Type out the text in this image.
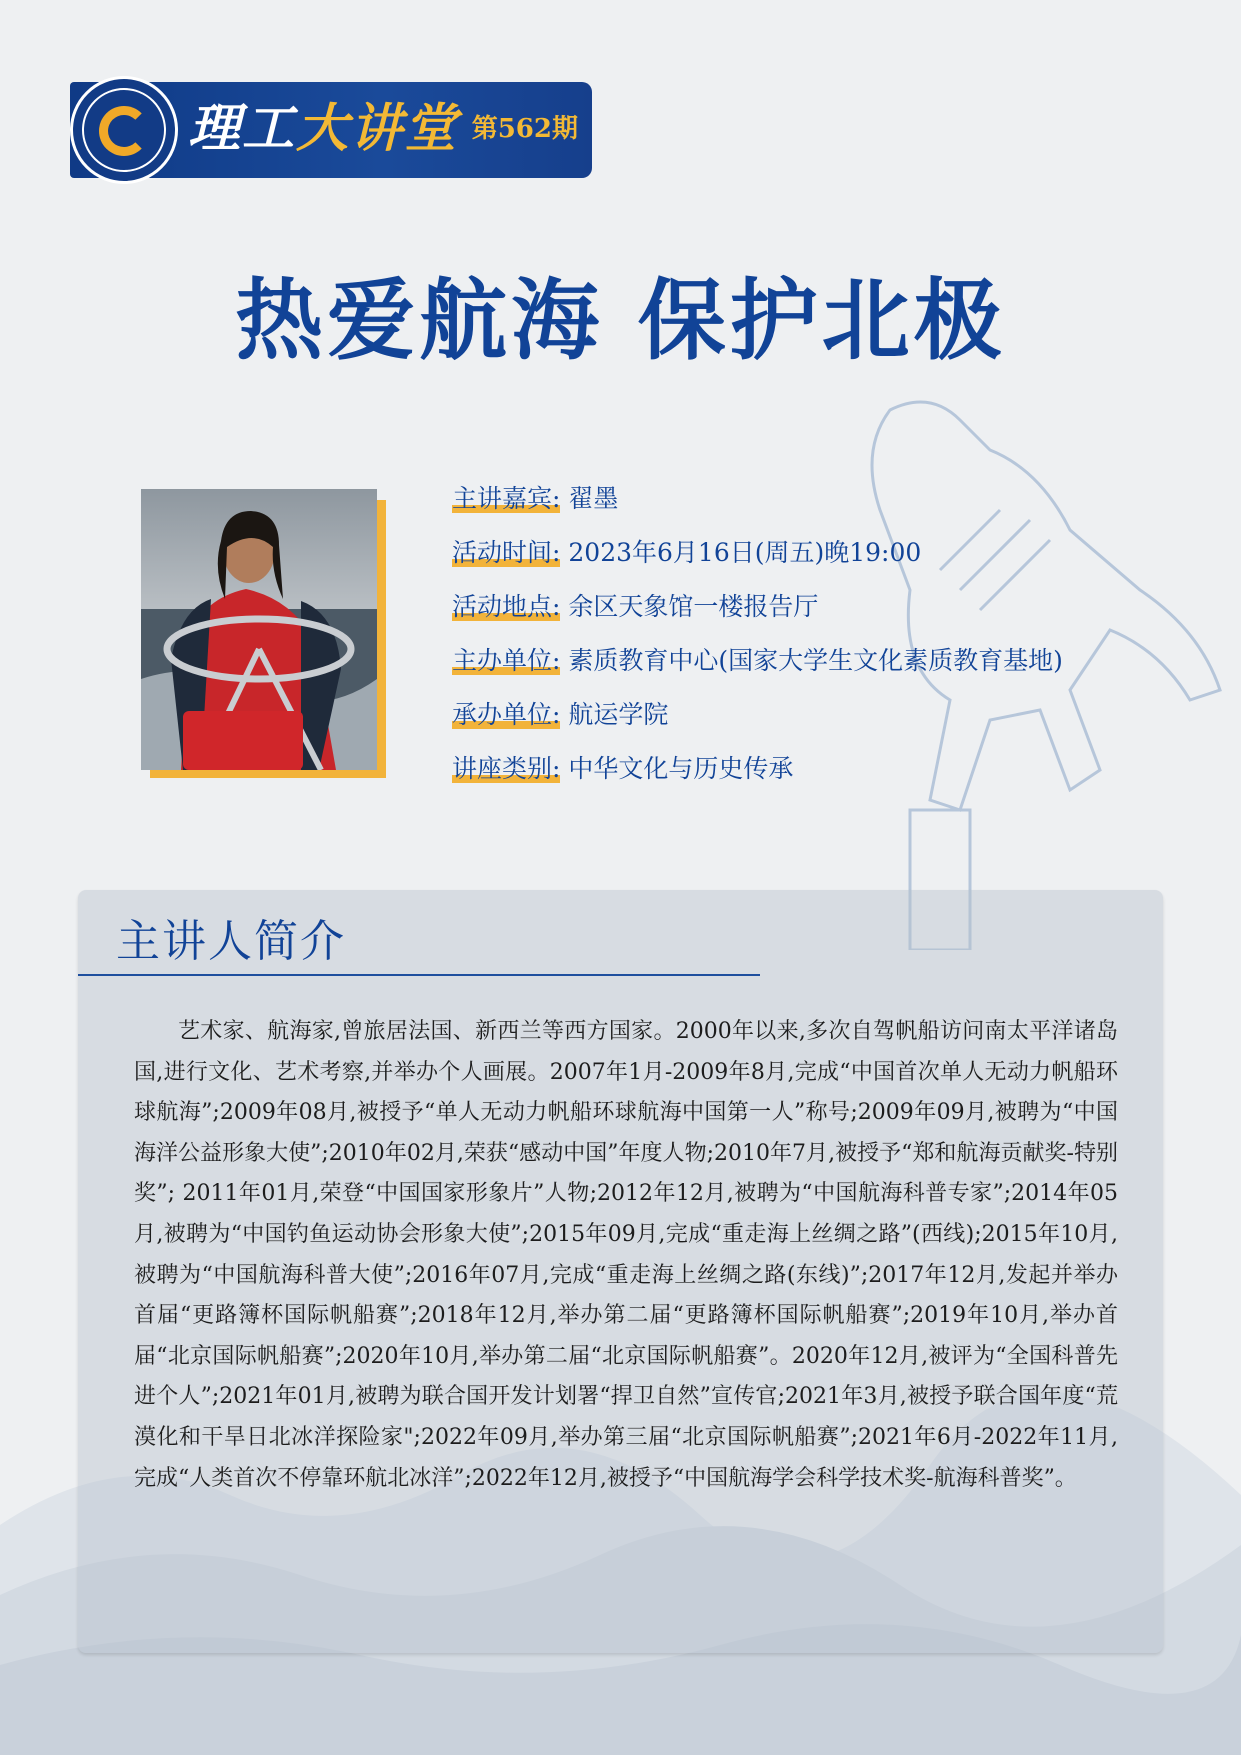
理工大讲堂 第562期
热爱航海 保护北极
主讲嘉宾: 翟墨
活动时间: 2023年6月16日(周五)晚19:00
活动地点: 余区天象馆一楼报告厅
主办单位: 素质教育中心(国家大学生文化素质教育基地)
承办单位: 航运学院
讲座类别: 中华文化与历史传承
主讲人简介

艺术家、航海家,曾旅居法国、新西兰等西方国家。2000年以来,多次自驾帆船访问南太平洋诸岛国,进行文化、艺术考察,并举办个人画展。2007年1月-2009年8月,完成“中国首次单人无动力帆船环球航海”;2009年08月,被授予“单人无动力帆船环球航海中国第一人”称号;2009年09月,被聘为“中国海洋公益形象大使”;2010年02月,荣获“感动中国”年度人物;2010年7月,被授予“郑和航海贡献奖-特别奖”; 2011年01月,荣登“中国国家形象片”人物;2012年12月,被聘为“中国航海科普专家”;2014年05月,被聘为“中国钓鱼运动协会形象大使”;2015年09月,完成“重走海上丝绸之路”(西线);2015年10月,被聘为“中国航海科普大使”;2016年07月,完成“重走海上丝绸之路(东线)”;2017年12月,发起并举办首届“更路簿杯国际帆船赛”;2018年12月,举办第二届“更路簿杯国际帆船赛”;2019年10月,举办首届“北京国际帆船赛”;2020年10月,举办第二届“北京国际帆船赛”。2020年12月,被评为“全国科普先进个人”;2021年01月,被聘为联合国开发计划署“捍卫自然”宣传官;2021年3月,被授予联合国年度“荒漠化和干旱日北冰洋探险家";2022年09月,举办第三届“北京国际帆船赛”;2021年6月-2022年11月,完成“人类首次不停靠环航北冰洋”;2022年12月,被授予“中国航海学会科学技术奖-航海科普奖”。
